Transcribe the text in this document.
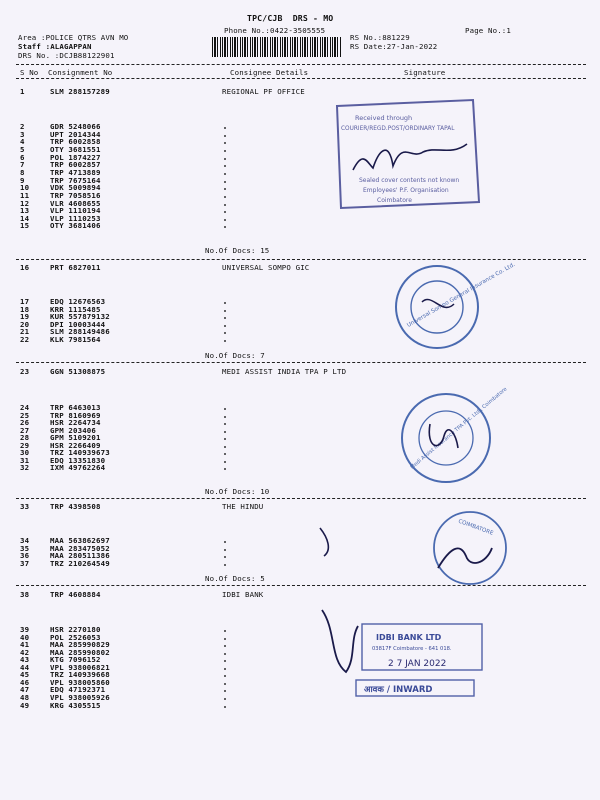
TPC/CJB  DRS - MO
Page No.:1
Area :POLICE QTRS AVN MO
Phone No.:0422-3505555
RS No.:881229
Staff :ALAGAPPAN	RS Date:27-Jan-2022
DRS No. :DCJB88122901
S No Consignment No	Consignee Details	Signature
1	SLM 288157289	REGIONAL PF OFFICE
2	GDR 5248066
3	UPT 2014344
4	TRP 6002858
5	OTY 3681551
6	POL 1874227
7	TRP 6002857
8	TRP 4713889
9	TRP 7675164
10	VDK 5009894
11	TRP 7058516
12	VLR 4608655
13	VLP 1110194
14	VLP 1110253
15	OTY 3681406
No.Of Docs: 15
16	PRT 6827011	UNIVERSAL SOMPO GIC
17	EDQ 12676563
18	KRR 1115485
19	KUR 557879132
20	DPI 10003444
21	SLM 288149486
22	KLK 7981564
No.Of Docs: 7
23	GGN 51308875	MEDI ASSIST INDIA TPA P LTD
24	TRP 6463013
25	TRP 8160969
26	HSR 2264734
27	GPM 203406
28	GPM 5109201
29	HSR 2266409
30	TRZ 140939673
31	EDQ 13351830
32	IXM 49762264
No.Of Docs: 10
33	TRP 4398508	THE HINDU
34	MAA 563862697
35	MAA 283475052
36	MAA 280511386
37	TRZ 210264549
No.Of Docs: 5
38	TRP 4608884	IDBI BANK
39	HSR 2270180
40	POL 2526053
41	MAA 285990829
42	MAA 285990802
43	KTG 7096152
44	VPL 938006821
45	TRZ 140939668
46	VPL 938005860
47	EDQ 47192371
48	VPL 938005926
49	KRG 4305515
Received through
COURIER/REGD.POST/ORDINARY TAPAL
Sealed cover contents not known
Employees' P.F. Organisation
Coimbatore
Universal Sompo General Insurance Co. Ltd.
Medi Assist Insurance TPA Pvt. Ltd., Coimbatore
COIMBATORE
IDBI BANK LTD
03817F Coimbatore - 641 018.
2 7 JAN 2022
आवक / INWARD
